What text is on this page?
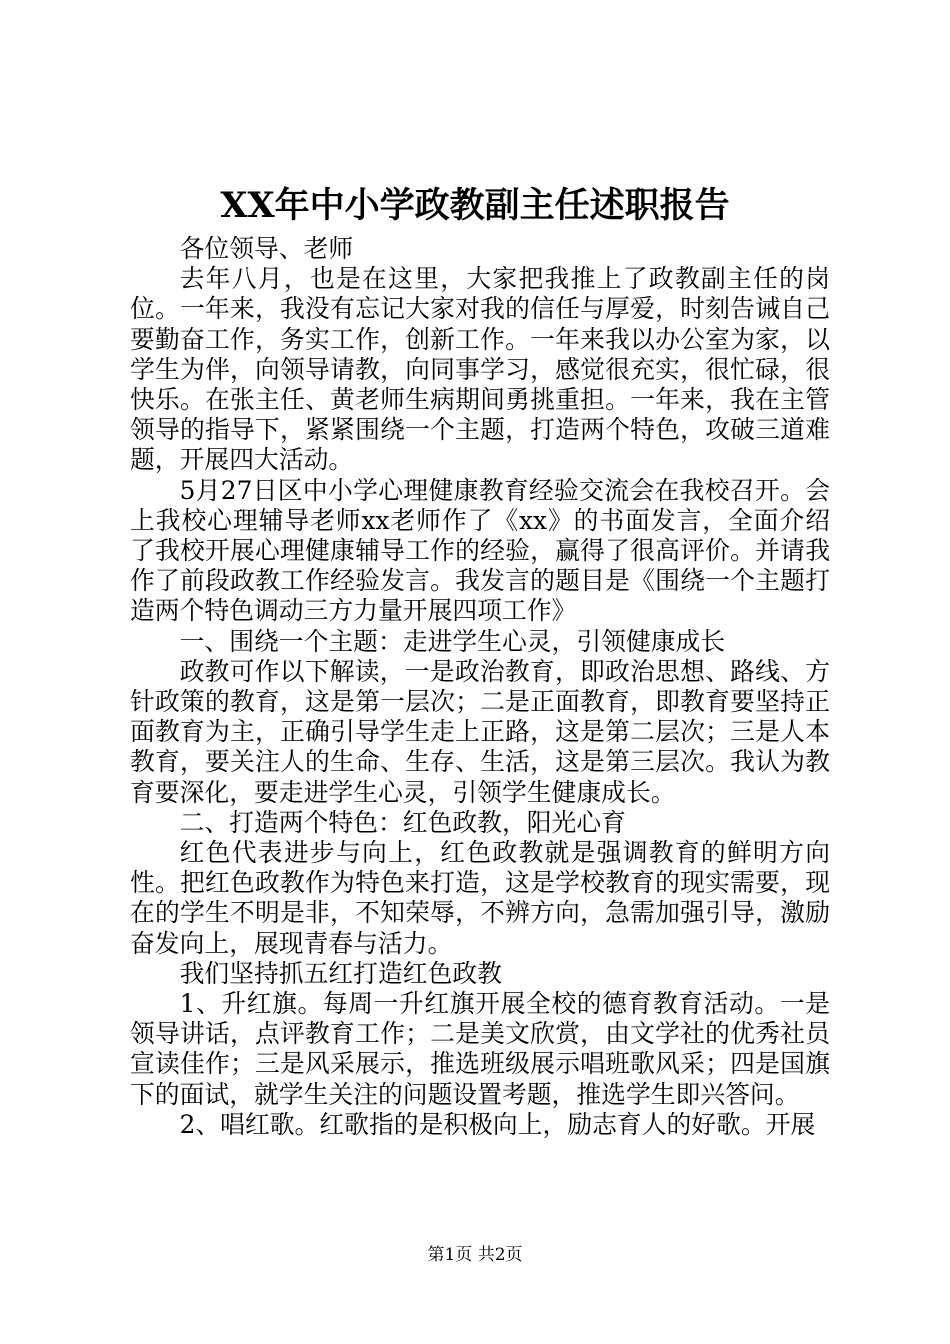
XX年中小学政教副主任述职报告

各位领导、老师

去年八月，也是在这里，大家把我推上了政教副主任的岗位。一年来，我没有忘记大家对我的信任与厚爱，时刻告诫自己要勤奋工作，务实工作，创新工作。一年来我以办公室为家，以学生为伴，向领导请教，向同事学习，感觉很充实，很忙碌，很快乐。在张主任、黄老师生病期间勇挑重担。一年来，我在主管领导的指导下，紧紧围绕一个主题，打造两个特色，攻破三道难题，开展四大活动。

5月27日区中小学心理健康教育经验交流会在我校召开。会上我校心理辅导老师xx老师作了《xx》的书面发言，全面介绍了我校开展心理健康辅导工作的经验，赢得了很高评价。并请我作了前段政教工作经验发言。我发言的题目是《围绕一个主题打造两个特色调动三方力量开展四项工作》

一、围绕一个主题：走进学生心灵，引领健康成长

政教可作以下解读，一是政治教育，即政治思想、路线、方针政策的教育，这是第一层次；二是正面教育，即教育要坚持正面教育为主，正确引导学生走上正路，这是第二层次；三是人本教育，要关注人的生命、生存、生活，这是第三层次。我认为教育要深化，要走进学生心灵，引领学生健康成长。

二、打造两个特色：红色政教，阳光心育

红色代表进步与向上，红色政教就是强调教育的鲜明方向性。把红色政教作为特色来打造，这是学校教育的现实需要，现在的学生不明是非，不知荣辱，不辨方向，急需加强引导，激励奋发向上，展现青春与活力。

我们坚持抓五红打造红色政教

1、升红旗。每周一升红旗开展全校的德育教育活动。一是领导讲话，点评教育工作；二是美文欣赏，由文学社的优秀社员宣读佳作；三是风采展示，推选班级展示唱班歌风采；四是国旗下的面试，就学生关注的问题设置考题，推选学生即兴答问。

2、唱红歌。红歌指的是积极向上，励志育人的好歌。开展

第1页 共2页
